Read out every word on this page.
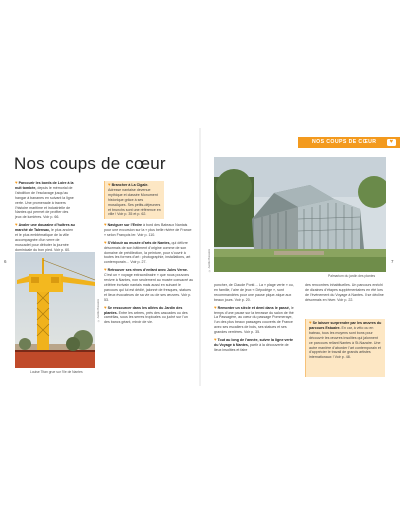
NOS COUPS DE CŒUR	♥
Nos coups de cœur

♥Parcourir les bords de Loire à la nuit tombée, depuis le mémorial de l’abolition de l’esclavage jusqu’au hangar à bananes en suivant la ligne verte. Une promenade à travers l’histoire maritime et industrielle de Nantes qui permet de profiter des jeux de lumières. Voir p. 66.

♥Avaler une douzaine d’huîtres au marché de Talensac, le plus ancien et le plus emblématique de la ville accompagnée d’un verre de muscadet pour débuter la journée dominicale du bon pied. Voir p. 60.

♥Brancher à La Cigale. Adresse nantaise devenue mythique et classée Monument historique grâce à ses mosaïques. Ses petits-déjeuners et brunchs sont une référence en ville ! Voir p. 35 et p. 62.

♥Naviguer sur l’Erdre à bord des Bateaux Nantais pour une excursion sur la « plus belle rivière de France » selon François Ier. Voir p. 110.

♥S’éblouir au musée d’arts de Nantes, qui délivre désormais de son bâtiment d’origine comme de son domaine de prédilection, la peinture, pour s’ouvrir à toutes les formes d’art : photographie, installations, art contemporain… Voir p. 27.

♥Retrouver ses rêves d’enfant avec Jules Verne. C’est un « voyage extraordinaire » que nous pouvons revivre à Nantes, non seulement au musée consacré au célèbre écrivain nantais mais aussi en suivant le parcours qui lui est dédié, jalonné de fresques, statues et lieux évocateurs de sa vie ou de ses œuvres. Voir p. 53.

♥Se ressourcer dans les allées du Jardin des plantes. Entre les arbres, près des cascades ou des camélias, sous les serres tropicales ou juché sur l’un des bancs géant, miroir de vie.

© Aurélie Boissière
Louise Titan grue sur l’île de Nantes
6	© Aurélie Boissière
Palmarium du jardin des plantes
7

poncher, de Claude Ponti… La « plage verte » ou, en famille, l’aire de jeux « Dépodège », sont recommandées pour une pause pique-nique aux beaux jours. Voir p. 20.

♥Remonter un siècle et demi dans le passé, le temps d’une pause sur la terrasse du salon de thé La Passagère, au cœur du passage Pommeraye, l’un des plus beaux passages couverts de France avec ses escaliers de bois, ses statues et ses grandes verrières. Voir p. 35.

♥Tout au long de l’année, suivre la ligne verte du Voyage à Nantes, partir à la découverte de lieux insolites et faire

des rencontres inhabituelles. Un parcours enrichi de dizaines d’étapes supplémentaires en été lors de l’événement du Voyage à Nantes. Il se décline désormais en hiver. Voir p. 22.

♥Se laisser surprendre par les œuvres du parcours Estuaire. En car, à vélo ou en bateau, tous les moyens sont bons pour découvrir les œuvres insolites qui jalonnent ce parcours reliant Nantes à St-Nazaire. Une autre manière d’aborder l’art contemporain et d’apprécier le travail de grands artistes internationaux ! Voir p. 48.
